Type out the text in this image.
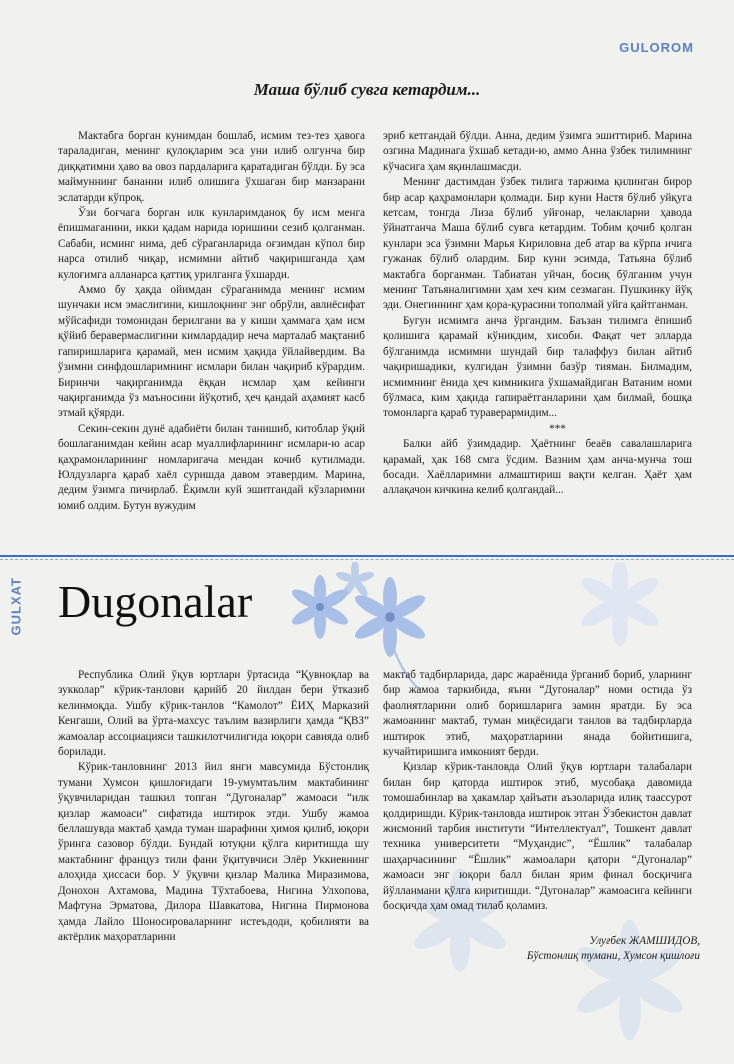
GULOROM
Маша бўлиб сувга кетардим...

Мактабга борган кунимдан бошлаб, исмим тез-тез ҳавога тараладиган, менинг қулоқларим эса уни илиб олгунча бир диққатимни ҳаво ва овоз пардаларига қаратадиган бўлди. Бу эса маймуннинг бананни илиб олишига ўхшаган бир манзарани эслатарди кўпроқ.

Ўзи боғчага борган илк кунларимданоқ бу исм менга ёпишмаганини, икки қадам нарида юришини сезиб қолганман. Сабаби, исминг нима, деб сўраганларида оғзимдан кўпол бир нарса отилиб чиқар, исмимни айтиб чақиришганда ҳам кулоғимга алланарса қаттиқ урилганга ўхшарди.

Аммо бу ҳақда ойимдан сўраганимда менинг исмим шунчаки исм эмаслигини, кишлоқнинг энг обрўли, авлиёсифат мўйсафиди томонидан берилгани ва у киши ҳаммага ҳам исм қўйиб беравермаслигини кимлардадир неча марталаб мақтаниб гапиришларига қарамай, мен исмим ҳақида ўйлайвердим. Ва ўзимни синфдошларимнинг исмлари билан чақириб кўрардим. Биринчи чақирганимда ёққан исмлар ҳам кейинги чақирганимда ўз маъносини йўқотиб, ҳеч қандай аҳамият касб этмай қўярди.

Секин-секин дунё адабиёти билан танишиб, китоблар ўқий бошлаганимдан кейин асар муаллифларининг исмлари-ю асар қаҳрамонларининг номларигача мендан кочиб кутилмади. Юлдузларга қараб хаёл суришда давом этавердим. Марина, дедим ўзимга пичирлаб. Ёқимли куй эшитгандай кўзларимни юмиб олдим. Бутун вужудим

эриб кетгандай бўлди. Анна, дедим ўзимга эшиттириб. Марина озгина Мадинага ўхшаб кетади-ю, аммо Анна ўзбек тилимнинг кўчасига ҳам яқинлашмасди.

Менинг дастимдан ўзбек тилига таржима қилинган бирор бир асар қаҳрамонлари қолмади. Бир куни Настя бўлиб уйқуга кетсам, тонгда Лиза бўлиб уйғонар, челакларни ҳаводa ўйнатганча Маша бўлиб сувга кетардим. Тобим қочиб қолган кунлари эса ўзимни Марья Кириловна деб атар ва кўрпа ичига гужанак бўлиб олардим. Бир куни эсимда, Татьяна бўлиб мактабга борганман. Табиатан уйчан, босиқ бўлганим учун менинг Татьяналигимни ҳам хеч ким сезмаган. Пушкинку йўқ эди. Онегиннинг ҳам қора-қурасини тополмай уйга қайтганман.

Бугун исмимга анча ўргандим. Баъзан тилимга ёпишиб қолишига қарамай кўникдим, хисоби. Фақат чет элларда бўлганимда исмимни шундай бир талаффуз билан айтиб чақиришадики, кулгидан ўзимни базўр тияман. Билмадим, исмимнинг ёнида ҳеч кимникига ўхшамайдиган Ватаним номи бўлмаса, ким ҳақида гапираётганларини ҳам билмай, бошқа томонларга қараб тураверармидим...

***

Балки айб ўзимдадир. Ҳаётнинг беаёв савалашларига қарамай, ҳак 168 смга ўсдим. Вазним ҳам анча-мунча тош босади. Хаёлларимни алмаштириш вақти келган. Ҳаёт ҳам аллақачон кичкина келиб қолгандай...

GULXAT Dugonalar

Республика Олий ўқув юртлари ўртасида “Қувноқлар ва зукколар” кўрик-танлови қарийб 20 йилдан бери ўтказиб келинмоқда. Ушбу кўрик-танлов “Камолот” ЁИҲ Марказий Кенгаши, Олий ва ўрта-махсус таълим вазирлиги ҳамда “ҚВЗ” жамоалар ассоциацияси ташкилотчилигида юқори савияда олиб борилади.

Кўрик-танловнинг 2013 йил янги мавсумида Бўстонлиқ тумани Хумсон қишлоғидаги 19-умумтаълим мактабининг ўқувчиларидан ташкил топган “Дугоналар” жамоаси “илк қизлар жамоаси” сифатида иштирок этди. Ушбу жамоа беллашувда мактаб ҳамда туман шарафини ҳимоя қилиб, юқори ўринга сазовор бўлди. Бундай ютуқни қўлга киритишда шу мактабнинг француз тили фани ўқитувчиси Элёр Уккиевнинг алоҳида ҳиссаси бор. У ўқувчи қизлар Малика Миразимова, Донохон Ахтамова, Мадина Тўхтабоева, Нигина Улхопова, Мафтуна Эрматова, Дилора Шавкатова, Нигина Пирмонова ҳамда Лайло Шоносироваларнинг истеъдоди, қобилияти ва актёрлик маҳоратларини

мактаб тадбирларида, дарс жараёнида ўрганиб бориб, уларнинг бир жамоа таркибида, яъни “Дугоналар” номи остида ўз фаолиятларини олиб боришларига замин яратди. Бу эса жамоанинг мактаб, туман миқёсидаги танлов ва тадбирларда иштирок этиб, маҳоратларини янада бойитишига, кучайтиришига имконият берди.

Қизлар кўрик-танловда Олий ўқув юртлари талабалари билан бир қаторда иштирок этиб, мусобақа давомида томошабинлар ва ҳакамлар ҳайъати аъзоларида илиқ таассурот қолдиришди. Кўрик-танловда иштирок этган Ўзбекистон давлат жисмоний тарбия институти “Интеллектуал”, Тошкент давлат техника университети “Муҳандис”, “Ёшлик” талабалар шаҳарчасининг “Ёшлик” жамоалари қатори “Дугоналар” жамоаси энг юқори балл билан ярим финал босқичига йўлланмани қўлга киритишди. “Дугоналар” жамоасига кейинги босқичда ҳам омад тилаб қоламиз.

Улуғбек ЖАМШИДОВ,
Бўстонлиқ тумани, Хумсон қишлоғи
